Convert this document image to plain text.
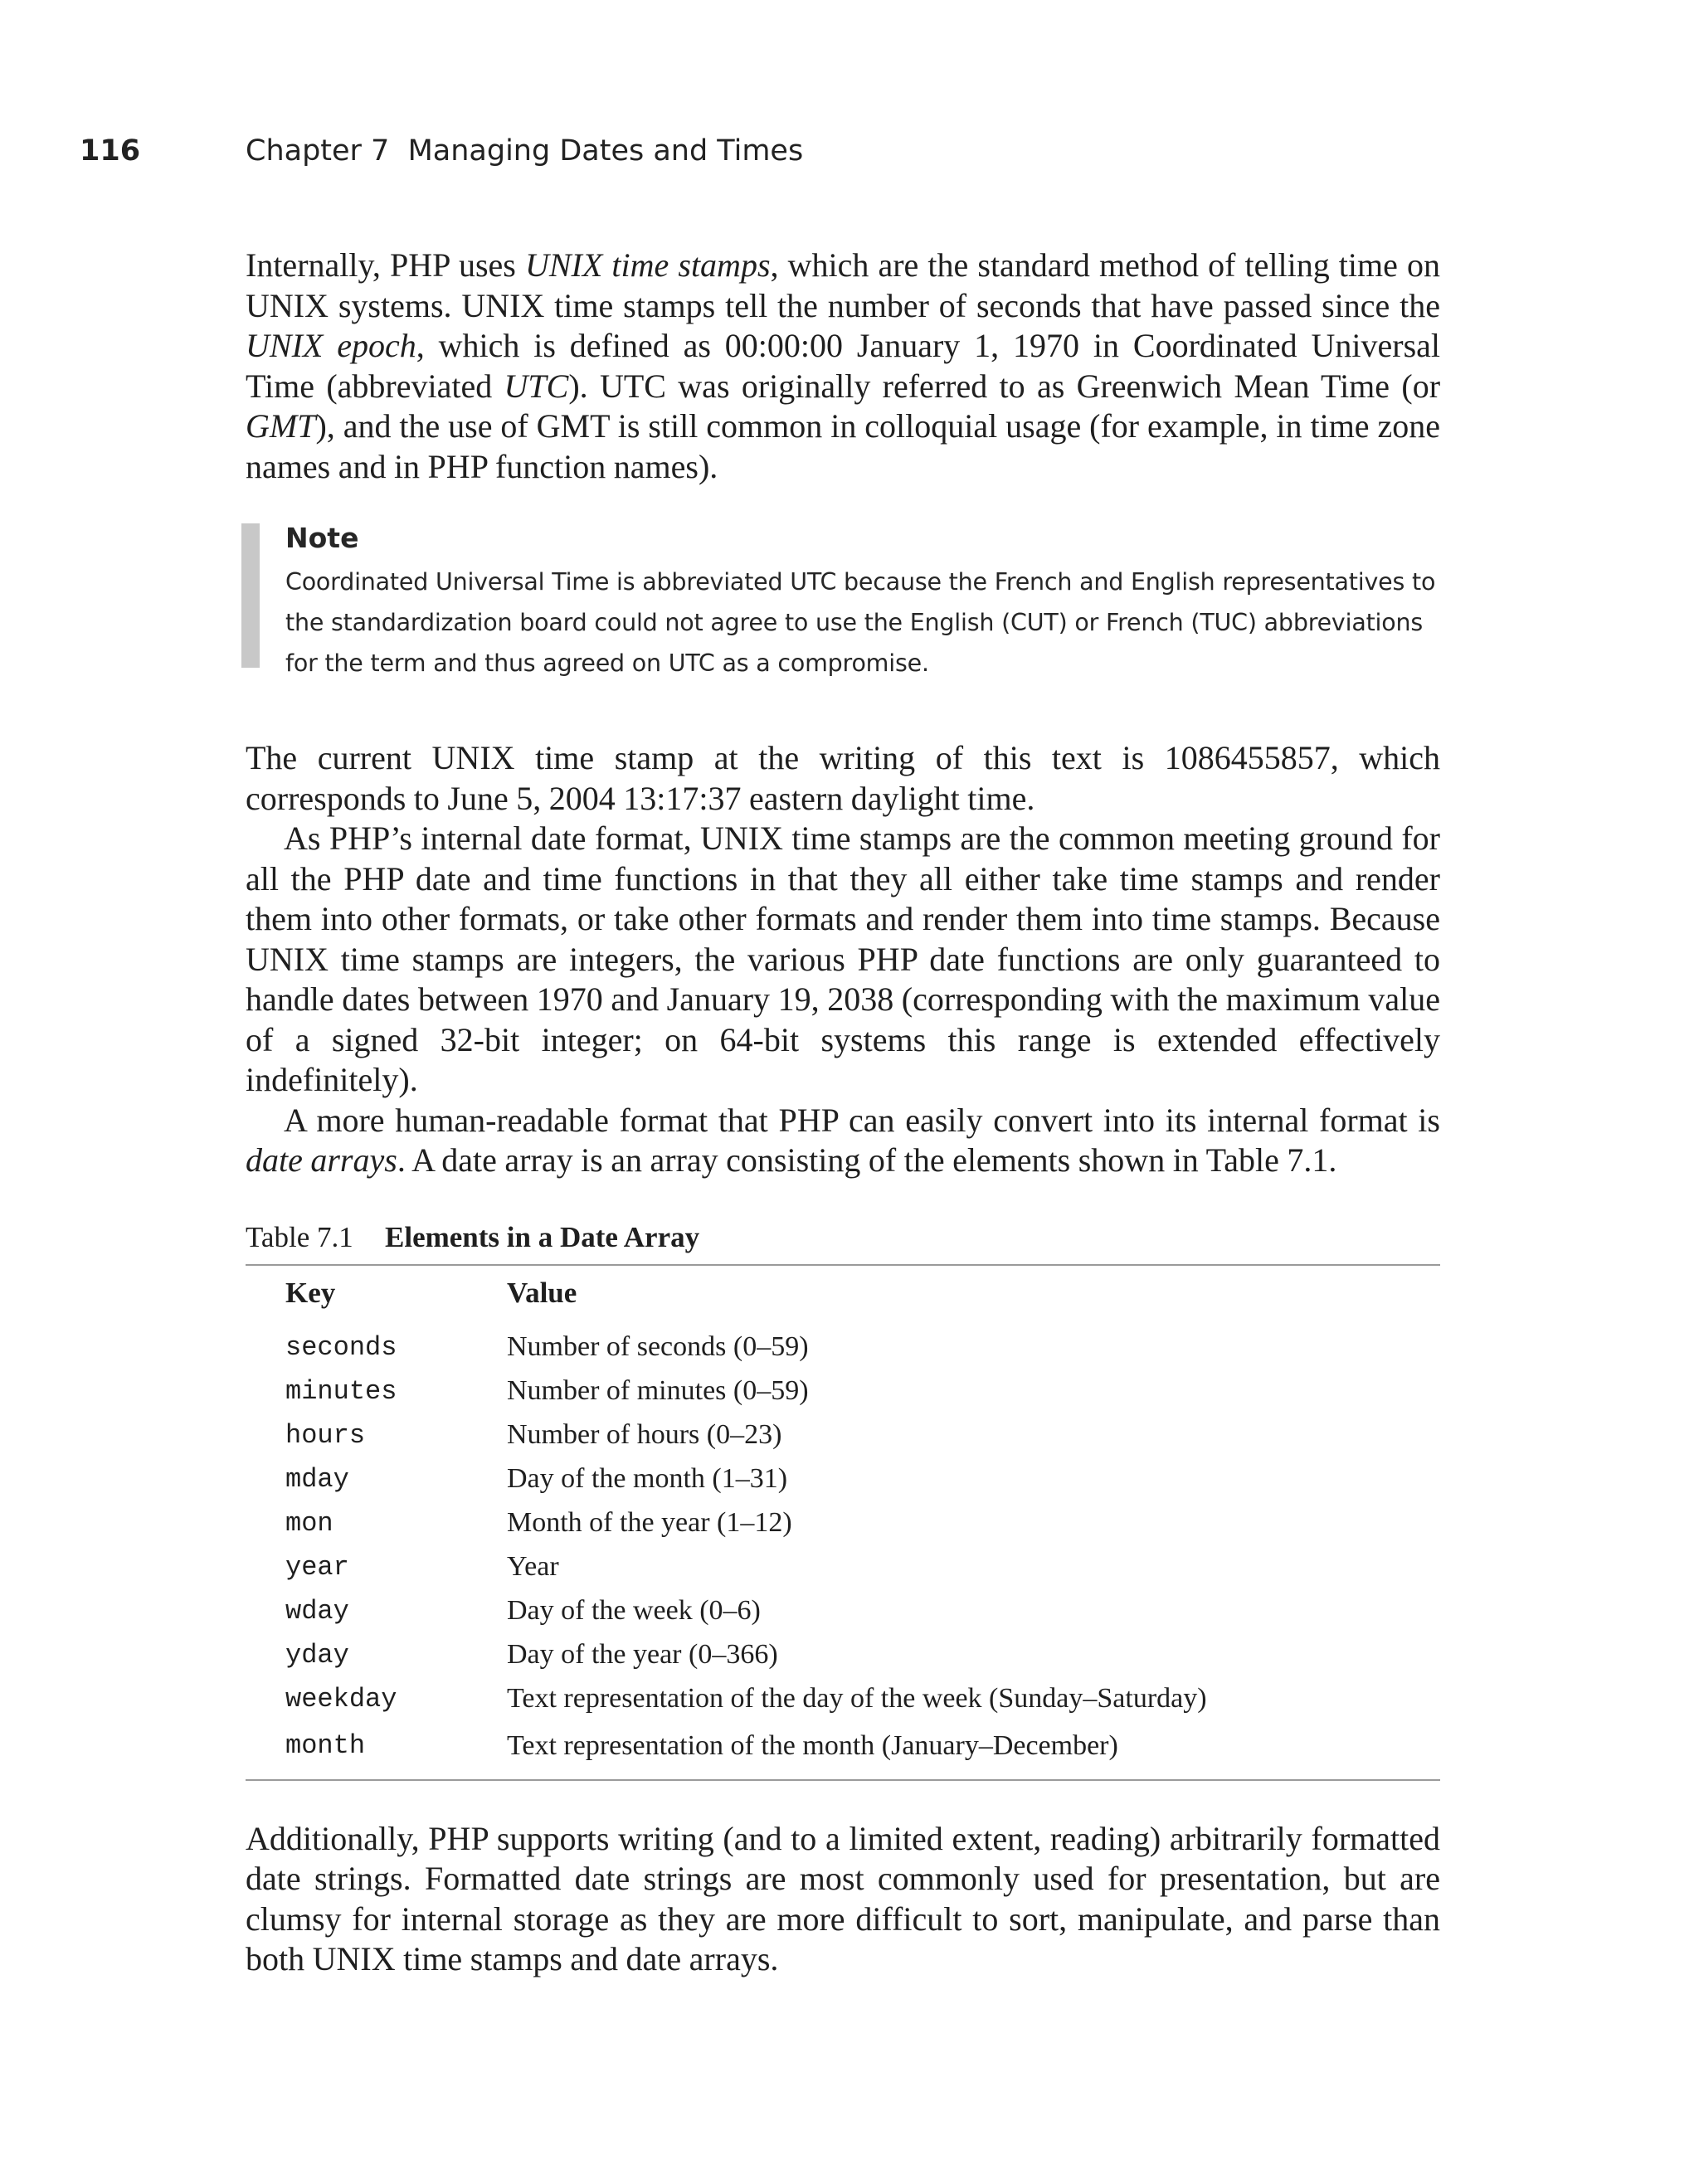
116	Chapter 7  Managing Dates and Times

Internally, PHP uses UNIX time stamps, which are the standard method of telling time on UNIX systems. UNIX time stamps tell the number of seconds that have passed since the UNIX epoch, which is defined as 00:00:00 January 1, 1970 in Coordinated Universal Time (abbreviated UTC). UTC was originally referred to as Greenwich Mean Time (or GMT), and the use of GMT is still common in colloquial usage (for example, in time zone names and in PHP function names).

Note

Coordinated Universal Time is abbreviated UTC because the French and English representatives to the standardization board could not agree to use the English (CUT) or French (TUC) abbreviations for the term and thus agreed on UTC as a compromise.

The current UNIX time stamp at the writing of this text is 1086455857, which corresponds to June 5, 2004 13:17:37 eastern daylight time.

As PHP’s internal date format, UNIX time stamps are the common meeting ground for all the PHP date and time functions in that they all either take time stamps and render them into other formats, or take other formats and render them into time stamps. Because UNIX time stamps are integers, the various PHP date functions are only guaranteed to handle dates between 1970 and January 19, 2038 (corresponding with the maximum value of a signed 32-bit integer; on 64-bit systems this range is extended effectively indefinitely).

A more human-readable format that PHP can easily convert into its internal format is date arrays. A date array is an array consisting of the elements shown in Table 7.1.

Table 7.1 Elements in a Date Array
Key	Value
seconds	Number of seconds (0–59)
minutes	Number of minutes (0–59)
hours	Number of hours (0–23)
mday	Day of the month (1–31)
mon	Month of the year (1–12)
year	Year
wday	Day of the week (0–6)
yday	Day of the year (0–366)
weekday	Text representation of the day of the week (Sunday–Saturday)
month	Text representation of the month (January–December)

Additionally, PHP supports writing (and to a limited extent, reading) arbitrarily formatted date strings. Formatted date strings are most commonly used for presentation, but are clumsy for internal storage as they are more difficult to sort, manipulate, and parse than both UNIX time stamps and date arrays.
